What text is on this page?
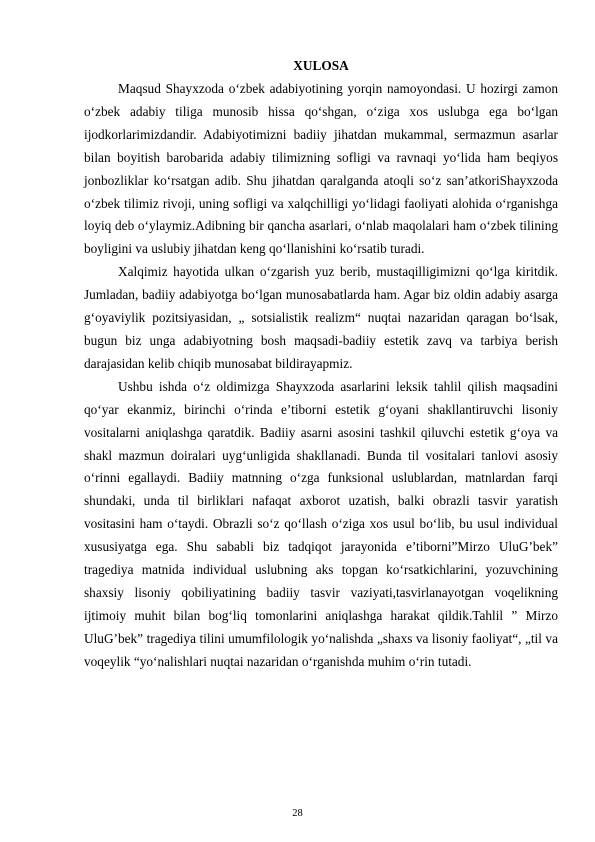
XULOSA

Maqsud Shayxzoda o‘zbek adabiyotining yorqin namoyondasi. U hozirgi zamon o‘zbek adabiy tiliga munosib hissa qo‘shgan, o‘ziga xos uslubga ega bo‘lgan ijodkorlarimizdandir. Adabiyotimizni badiiy jihatdan mukammal, sermazmun asarlar bilan boyitish barobarida adabiy tilimizning sofligi va ravnaqi yo‘lida ham beqiyos jonbozliklar ko‘rsatgan adib. Shu jihatdan qaralganda atoqli so‘z san’atkoriShayxzoda o‘zbek tilimiz rivoji, uning sofligi va xalqchilligi yo‘lidagi faoliyati alohida o‘rganishga loyiq deb o‘ylaymiz.Adibning bir qancha asarlari, o‘nlab maqolalari ham o‘zbek tilining boyligini va uslubiy jihatdan keng qo‘llanishini ko‘rsatib turadi.

Xalqimiz hayotida ulkan o‘zgarish yuz berib, mustaqilligimizni qo‘lga kiritdik. Jumladan, badiiy adabiyotga bo‘lgan munosabatlarda ham. Agar biz oldin adabiy asarga g‘oyaviylik pozitsiyasidan, „ sotsialistik realizm“ nuqtai nazaridan qaragan bo‘lsak, bugun biz unga adabiyotning bosh maqsadi-badiiy estetik zavq va tarbiya berish darajasidan kelib chiqib munosabat bildirayapmiz.

Ushbu ishda o‘z oldimizga Shayxzoda asarlarini leksik tahlil qilish maqsadini qo‘yar ekanmiz, birinchi o‘rinda e’tiborni estetik g‘oyani shakllantiruvchi lisoniy vositalarni aniqlashga qaratdik. Badiiy asarni asosini tashkil qiluvchi estetik g‘oya va shakl mazmun doiralari uyg‘unligida shakllanadi. Bunda til vositalari tanlovi asosiy o‘rinni egallaydi. Badiiy matnning o‘zga funksional uslublardan, matnlardan farqi shundaki, unda til birliklari nafaqat axborot uzatish, balki obrazli tasvir yaratish vositasini ham o‘taydi. Obrazli so‘z qo‘llash o‘ziga xos usul bo‘lib, bu usul individual xususiyatga ega. Shu sababli biz tadqiqot jarayonida e’tiborni”Mirzo UluG’bek” tragediya matnida individual uslubning aks topgan ko‘rsatkichlarini, yozuvchining shaxsiy lisoniy qobiliyatining badiiy tasvir vaziyati,tasvirlanayotgan voqelikning ijtimoiy muhit bilan bog‘liq tomonlarini aniqlashga harakat qildik.Tahlil ” Mirzo UluG’bek” tragediya tilini umumfilologik yo‘nalishda „shaxs va lisoniy faoliyat“, „til va voqeylik “yo‘nalishlari nuqtai nazaridan o‘rganishda muhim o‘rin tutadi.

28
